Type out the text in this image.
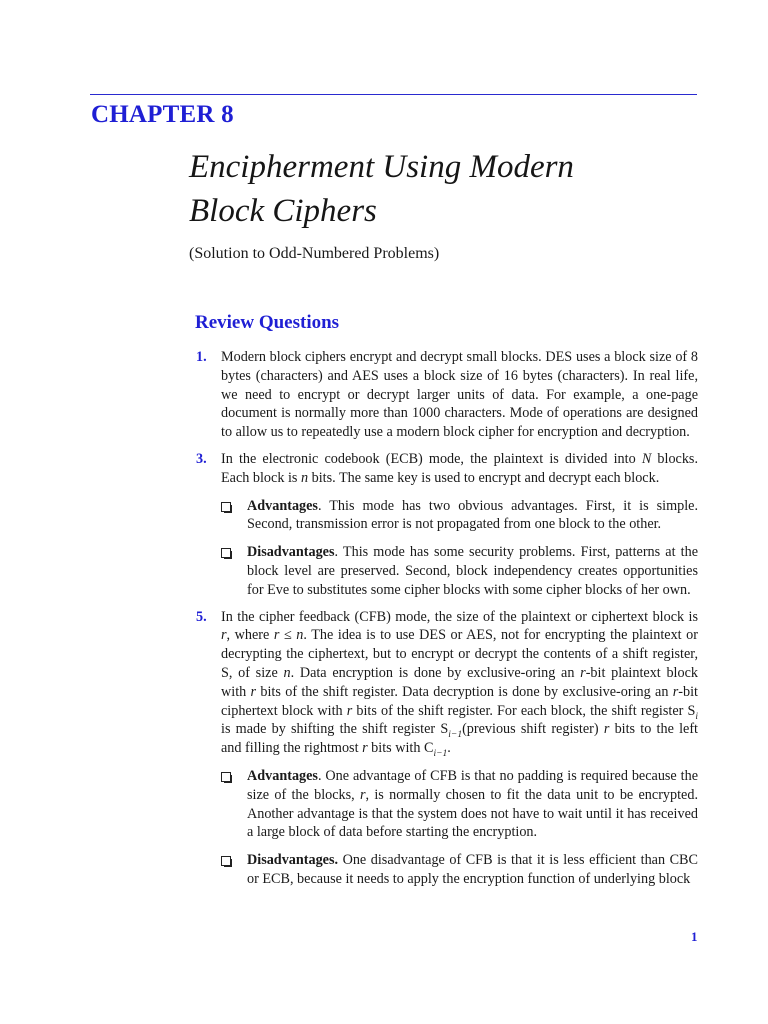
CHAPTER 8
Encipherment Using Modern
Block Ciphers
(Solution to Odd-Numbered Problems)
Review Questions
1.	Modern block ciphers encrypt and decrypt small blocks. DES uses a block size of 8 bytes (characters) and AES uses a block size of 16 bytes (characters). In real life, we need to encrypt or decrypt larger units of data. For example, a one-page document is normally more than 1000 characters. Mode of operations are designed to allow us to repeatedly use a modern block cipher for encryption and decryption.

3.	In the electronic codebook (ECB) mode, the plaintext is divided into N blocks. Each block is n bits. The same key is used to encrypt and decrypt each block.

Advantages. This mode has two obvious advantages. First, it is simple. Second, transmission error is not propagated from one block to the other.
Disadvantages. This mode has some security problems. First, patterns at the block level are preserved. Second, block independency creates opportunities for Eve to substitutes some cipher blocks with some cipher blocks of her own.
5.	In the cipher feedback (CFB) mode, the size of the plaintext or ciphertext block is r, where r ≤ n. The idea is to use DES or AES, not for encrypting the plaintext or decrypting the ciphertext, but to encrypt or decrypt the contents of a shift register, S, of size n. Data encryption is done by exclusive-oring an r-bit plaintext block with r bits of the shift register. Data decryption is done by exclusive-oring an r-bit ciphertext block with r bits of the shift register. For each block, the shift register $S_i$ is made by shifting the shift register $S_{i-1}(previous$ shift register) r bits to the left and filling the rightmost r bits with $C_{i-1}$.

Advantages. One advantage of CFB is that no padding is required because the size of the blocks, r, is normally chosen to fit the data unit to be encrypted. Another advantage is that the system does not have to wait until it has received a large block of data before starting the encryption.
Disadvantages. One disadvantage of CFB is that it is less efficient than CBC or ECB, because it needs to apply the encryption function of underlying block
1
